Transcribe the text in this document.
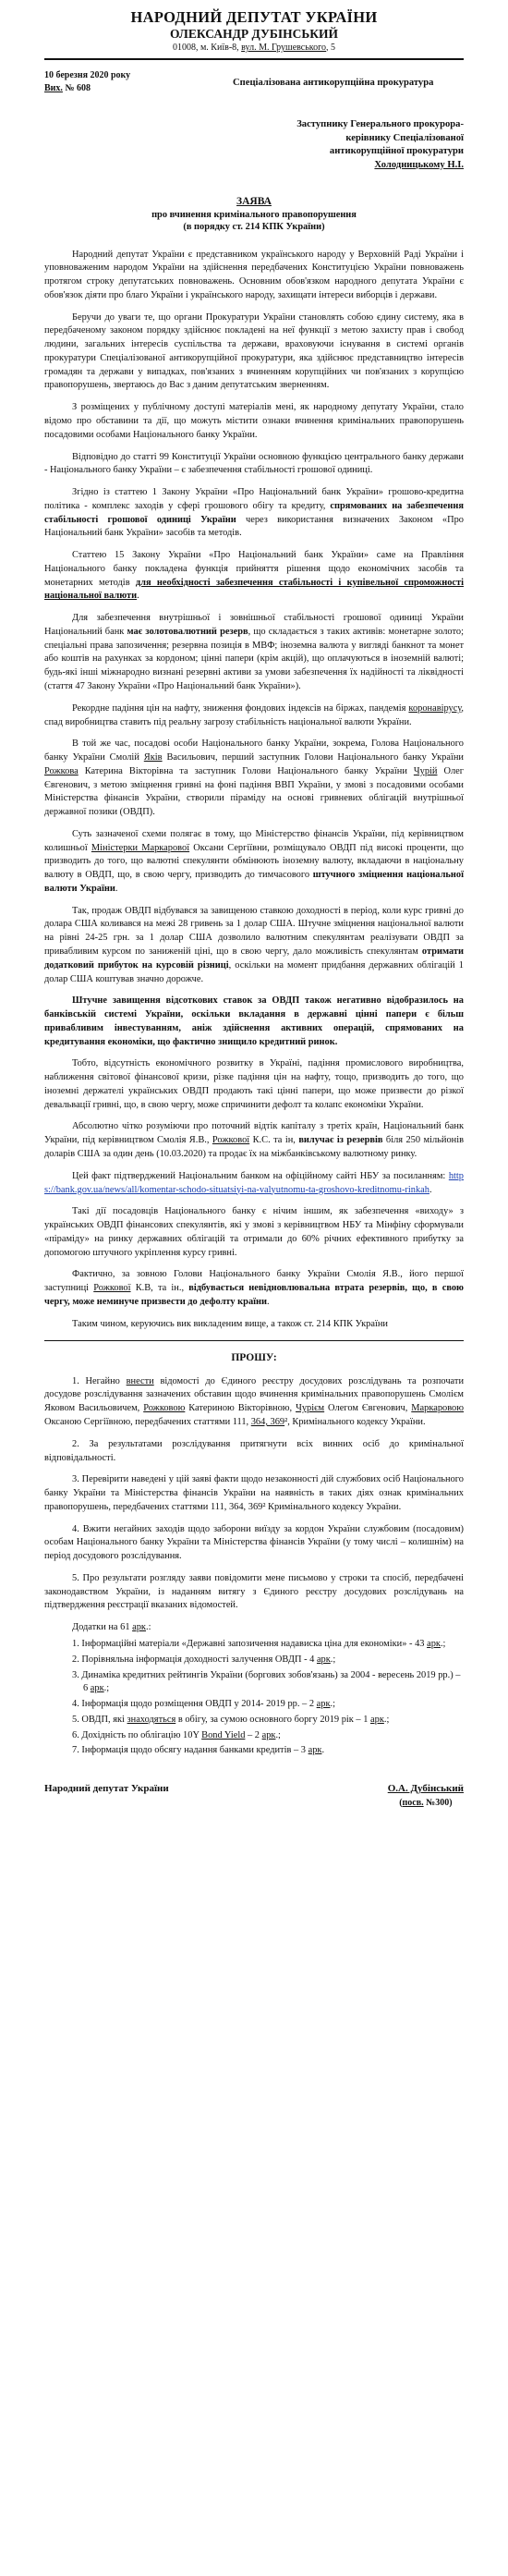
НАРОДНИЙ ДЕПУТАТ УКРАЇНИ
ОЛЕКСАНДР ДУБІНСЬКИЙ
01008, м. Київ-8, вул. М. Грушевського, 5
10 березня 2020 року
Вих. № 608	Спеціалізована антикорупційна прокуратура
Заступнику Генерального прокурора-
керівнику Спеціалізованої
антикорупційної прокуратури
Холодницькому Н.І.
ЗАЯВА
про вчинення кримінального правопорушення
(в порядку ст. 214 КПК України)

Народний депутат України є представником українського народу у Верховній Раді України і уповноваженим народом України на здійснення передбачених Конституцією України повноважень протягом строку депутатських повноважень. Основним обов'язком народного депутата України є обов'язок діяти про благо України і українського народу, захищати інтереси виборців і держави.

Беручи до уваги те, що органи Прокуратури України становлять собою єдину систему, яка в передбаченому законом порядку здійснює покладені на неї функції з метою захисту прав і свобод людини, загальних інтересів суспільства та держави, враховуючи існування в системі органів прокуратури Спеціалізованої антикорупційної прокуратури, яка здійснює представництво інтересів громадян та держави у випадках, пов'язаних з вчиненням корупційних чи пов'язаних з корупцією правопорушень, звертаюсь до Вас з даним депутатським зверненням.

З розміщених у публічному доступі матеріалів мені, як народному депутату України, стало відомо про обставини та дії, що можуть містити ознаки вчинення кримінальних правопорушень посадовими особами Національного банку України.

Відповідно до статті 99 Конституції України основною функцією центрального банку держави - Національного банку України – є забезпечення стабільності грошової одиниці.

Згідно із статтею 1 Закону України «Про Національний банк України» грошово-кредитна політика - комплекс заходів у сфері грошового обігу та кредиту, спрямованих на забезпечення стабільності грошової одиниці України через використання визначених Законом «Про Національний банк України» засобів та методів.

Статтею 15 Закону України «Про Національний банк України» саме на Правління Національного банку покладена функція прийняття рішення щодо економічних засобів та монетарних методів для необхідності забезпечення стабільності і купівельної спроможності національної валюти.

Для забезпечення внутрішньої і зовнішньої стабільності грошової одиниці України Національний банк має золотовалютний резерв, що складається з таких активів: монетарне золото; спеціальні права запозичення; резервна позиція в МВФ; іноземна валюта у вигляді банкнот та монет або коштів на рахунках за кордоном; цінні папери (крім акцій), що оплачуються в іноземній валюті; будь-які інші міжнародно визнані резервні активи за умови забезпечення їх надійності та ліквідності (стаття 47 Закону України «Про Національний банк України»).

Рекордне падіння цін на нафту, зниження фондових індексів на біржах, пандемія коронавірусу, спад виробництва ставить під реальну загрозу стабільність національної валюти України.

В той же час, посадові особи Національного банку України, зокрема, Голова Національного банку України Смолій Яків Васильович, перший заступник Голови Національного банку України Рожкова Катерина Вікторівна та заступник Голови Національного банку України Чурій Олег Євгенович, з метою зміцнення гривні на фоні падіння ВВП України, у змові з посадовими особами Міністерства фінансів України, створили піраміду на основі гривневих облігацій внутрішньої державної позики (ОВДП).

Суть зазначеної схеми полягає в тому, що Міністерство фінансів України, під керівництвом колишньої Міністерки Маркарової Оксани Сергіївни, розміщувало ОВДП під високі проценти, що призводить до того, що валютні спекулянти обмінюють іноземну валюту, вкладаючи в національну валюту в ОВДП, що, в свою чергу, призводить до тимчасового штучного зміцнення національної валюти України.

Так, продаж ОВДП відбувався за завищеною ставкою доходності в період, коли курс гривні до долара США коливався на межі 28 гривень за 1 долар США. Штучне зміцнення національної валюти на рівні 24-25 грн. за 1 долар США дозволило валютним спекулянтам реалізувати ОВДП за привабливим курсом по заниженій ціні, що в свою чергу, дало можливість спекулянтам отримати додатковий прибуток на курсовій різниці, оскільки на момент придбання державних облігацій 1 долар США коштував значно дорожче.

Штучне завищення відсоткових ставок за ОВДП також негативно відобразилось на банківській системі України, оскільки вкладання в державні цінні папери є більш привабливим інвестуванням, аніж здійснення активних операцій, спрямованих на кредитування економіки, що фактично знищило кредитний ринок.

Тобто, відсутність економічного розвитку в Україні, падіння промислового виробництва, наближення світової фінансової кризи, різке падіння цін на нафту, тощо, призводить до того, що іноземні держателі українських ОВДП продають такі цінні папери, що може призвести до різкої девальвації гривні, що, в свою чергу, може спричинити дефолт та колапс економіки України.

Абсолютно чітко розуміючи про поточний відтік капіталу з третіх країн, Національний банк України, під керівництвом Смолія Я.В., Рожкової К.С. та ін, вилучає із резервів біля 250 мільйонів доларів США за один день (10.03.2020) та продає їх на міжбанківському валютному ринку.

Цей факт підтверджений Національним банком на офіційному сайті НБУ за посиланням: https://bank.gov.ua/news/all/komentar-schodo-situatsiyi-na-valyutnomu-ta-groshovo-kreditnomu-rinkah.

Такі дії посадовців Національного банку є нічим іншим, як забезпечення «виходу» з українських ОВДП фінансових спекулянтів, які у змові з керівництвом НБУ та Мінфіну сформували «піраміду» на ринку державних облігацій та отримали до 60% річних ефективного прибутку за допомогою штучного укріплення курсу гривні.

Фактично, за зовною Голови Національного банку України Смолія Я.В., його першої заступниці Рожкової К.В, та ін., відбувається невідновлювальна втрата резервів, що, в свою чергу, може неминуче призвести до дефолту країни.

Таким чином, керуючись вик викладеним вище, а також ст. 214 КПК України

ПРОШУ:

1. Негайно внести відомості до Єдиного реєстру досудових розслідувань та розпочати досудове розслідування зазначених обставин щодо вчинення кримінальних правопорушень Смолієм Яковом Васильовичем, Рожковою Катериною Вікторівною, Чурієм Олегом Євгенович, Маркаровою Оксаною Сергіївною, передбачених статтями 111, 364, 369², Кримінального кодексу України.

2. За результатами розслідування притягнути всіх винних осіб до кримінальної відповідальності.

3. Перевірити наведені у цій заяві факти щодо незаконності дій службових осіб Національного банку України та Міністерства фінансів України на наявність в таких діях ознак кримінальних правопорушень, передбачених статтями 111, 364, 369² Кримінального кодексу України.

4. Вжити негайних заходів щодо заборони виїзду за кордон України службовим (посадовим) особам Національного банку України та Міністерства фінансів України (у тому числі – колишнім) на період досудового розслідування.

5. Про результати розгляду заяви повідомити мене письмово у строки та спосіб, передбачені законодавством України, із наданням витягу з Єдиного реєстру досудових розслідувань на підтвердження реєстрації вказаних відомостей.

Додатки на 61 арк.:
1. Інформаційні матеріали «Державні запозичення надависка ціна для економіки» - 43 арк.;
2. Порівняльна інформація доходності залучення ОВДП - 4 арк.;
3. Динаміка кредитних рейтингів України (боргових зобов'язань) за 2004 - вересень 2019 рр.) – 6 арк.;
4. Інформація щодо розміщення ОВДП у 2014- 2019 рр. – 2 арк.;
5. ОВДП, які знаходяться в обігу, за сумою основного боргу 2019 рік – 1 арк.;
6. Дохідність по облігацію 10Y Bond Yield – 2 арк.;
7. Інформація щодо обсягу надання банками кредитів – 3 арк.
Народний депутат України	О.А. Дубінський
(посв. №300)
